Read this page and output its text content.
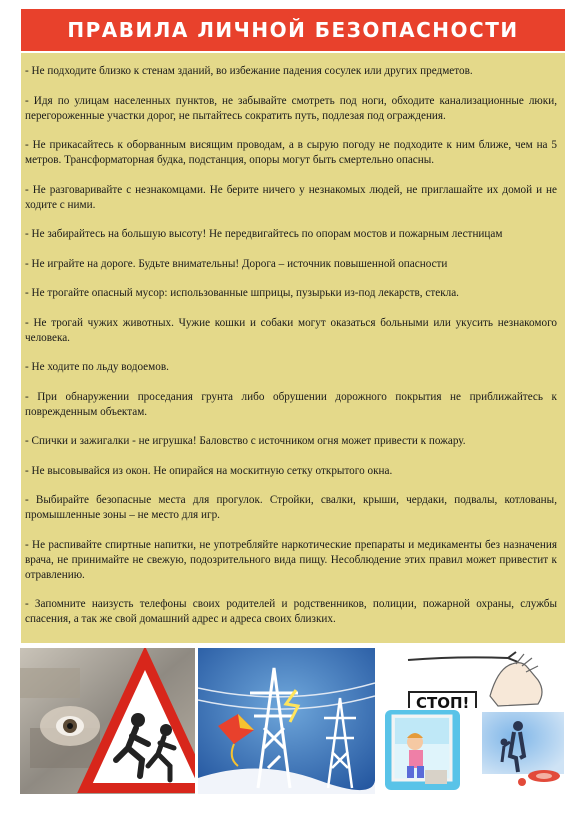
ПРАВИЛА ЛИЧНОЙ БЕЗОПАСНОСТИ

- Не подходите близко к стенам зданий, во избежание падения сосулек или других предметов.

- Идя по улицам населенных пунктов, не забывайте смотреть под ноги, обходите канализационные люки, перегороженные участки дорог, не пытайтесь сократить путь, подлезая под ограждения.

- Не прикасайтесь к оборванным висящим проводам, а в сырую погоду не подходите к ним ближе, чем на 5 метров. Трансформаторная будка, подстанция, опоры могут быть смертельно опасны.

- Не разговаривайте с незнакомцами. Не берите ничего у незнакомых людей, не приглашайте их домой и не ходите с ними.

- Не забирайтесь на большую высоту! Не передвигайтесь по опорам мостов и пожарным лестницам

- Не играйте на дороге. Будьте внимательны! Дорога – источник повышенной опасности

- Не трогайте опасный мусор: использованные шприцы, пузырьки из-под лекарств, стекла.

- Не трогай чужих животных. Чужие кошки и собаки могут оказаться больными или укусить незнакомого человека.

- Не ходите по льду водоемов.

- При обнаружении проседания грунта либо обрушении дорожного покрытия не приближайтесь к поврежденным объектам.

- Спички и зажигалки - не игрушка! Баловство с источником огня может привести к пожару.

- Не высовывайся из окон. Не опирайся на москитную сетку открытого окна.

- Выбирайте безопасные места для прогулок. Стройки, свалки, крыши, чердаки, подвалы, котлованы, промышленные зоны – не место для игр.

- Не распивайте спиртные напитки, не употребляйте наркотические препараты и медикаменты без назначения врача, не принимайте не свежую, подозрительного вида пищу. Несоблюдение этих правил может привестит к отравлению.

- Запомните наизусть телефоны своих родителей и родственников, полиции, пожарной охраны, службы спасения, а так же свой домашний адрес и адреса своих близких.

СТОП!
